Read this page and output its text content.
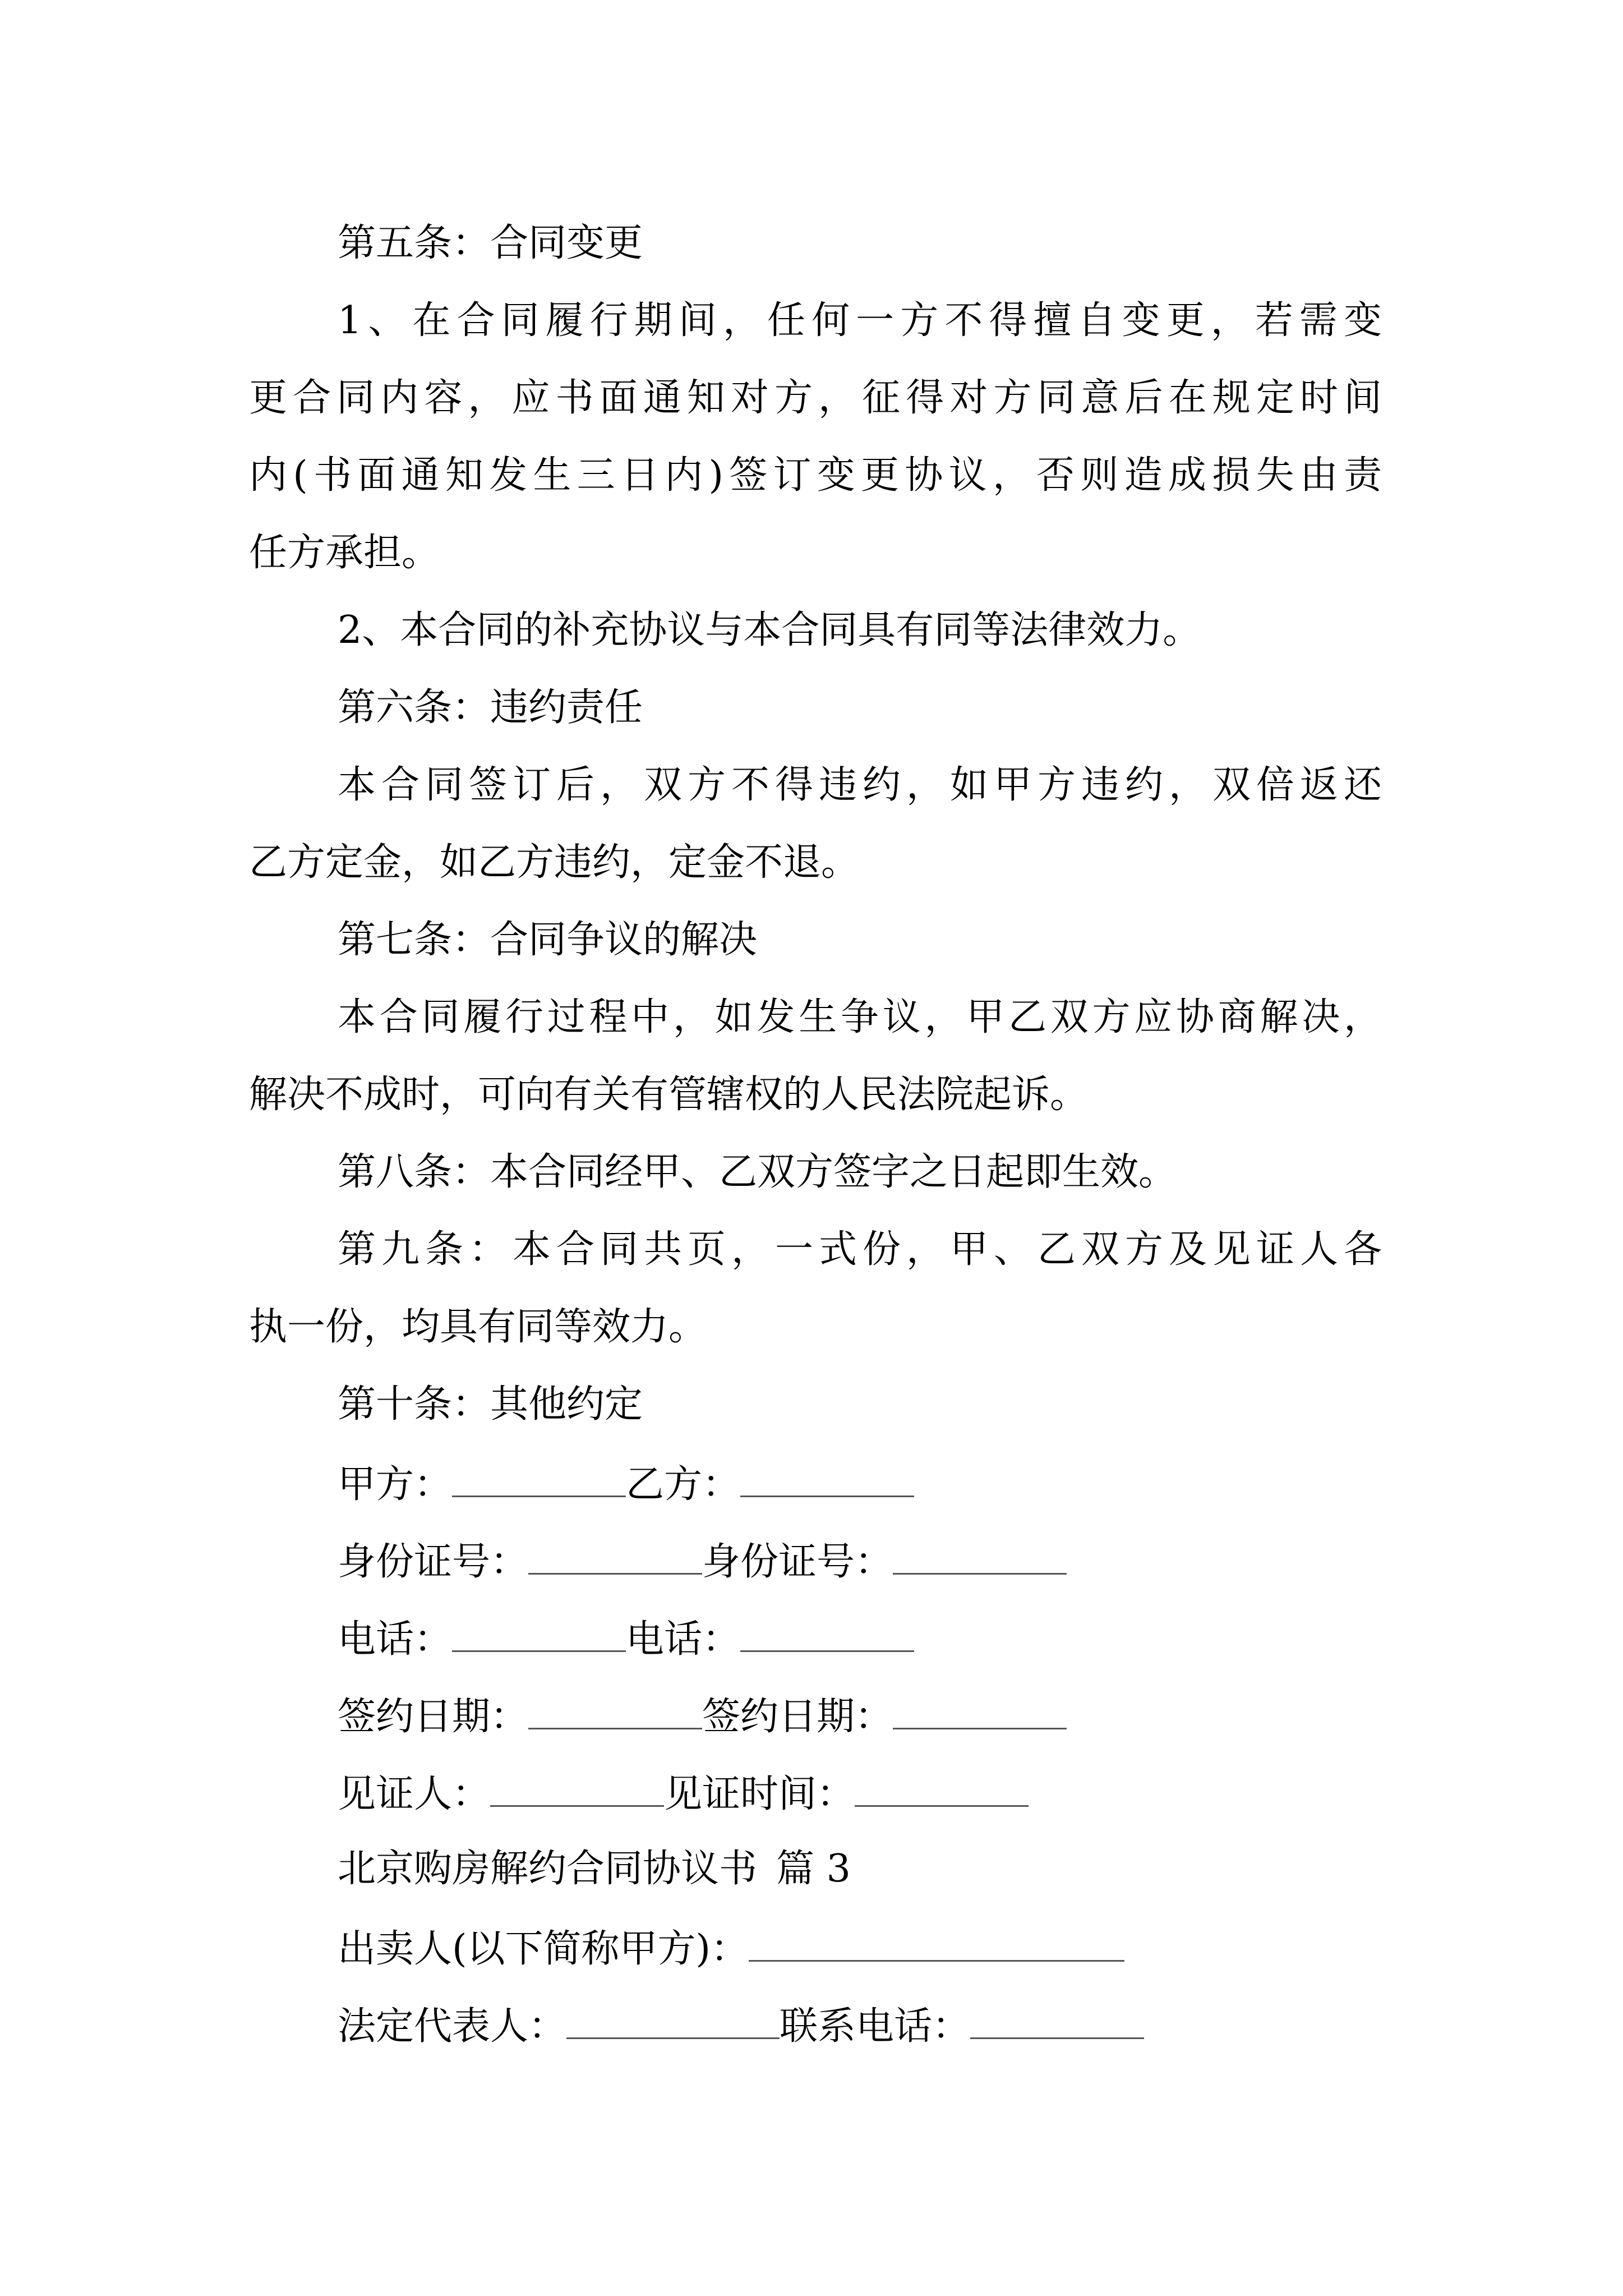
第五条：合同变更
1、在合同履行期间，任何一方不得擅自变更，若需变
更合同内容，应书面通知对方，征得对方同意后在规定时间
内(书面通知发生三日内)签订变更协议，否则造成损失由责
任方承担。
2、本合同的补充协议与本合同具有同等法律效力。
第六条：违约责任
本合同签订后，双方不得违约，如甲方违约，双倍返还
乙方定金，如乙方违约，定金不退。
第七条：合同争议的解决
本合同履行过程中，如发生争议，甲乙双方应协商解决，
解决不成时，可向有关有管辖权的人民法院起诉。
第八条：本合同经甲、乙双方签字之日起即生效。
第九条：本合同共页，一式份，甲、乙双方及见证人各
执一份，均具有同等效力。
第十条：其他约定
甲方：	乙方：
身份证号：	身份证号：
电话：	电话：
签约日期：	签约日期：
见证人：	见证时间：
北京购房解约合同协议书 篇 3
出卖人(以下简称甲方)：
法定代表人：	联系电话：
